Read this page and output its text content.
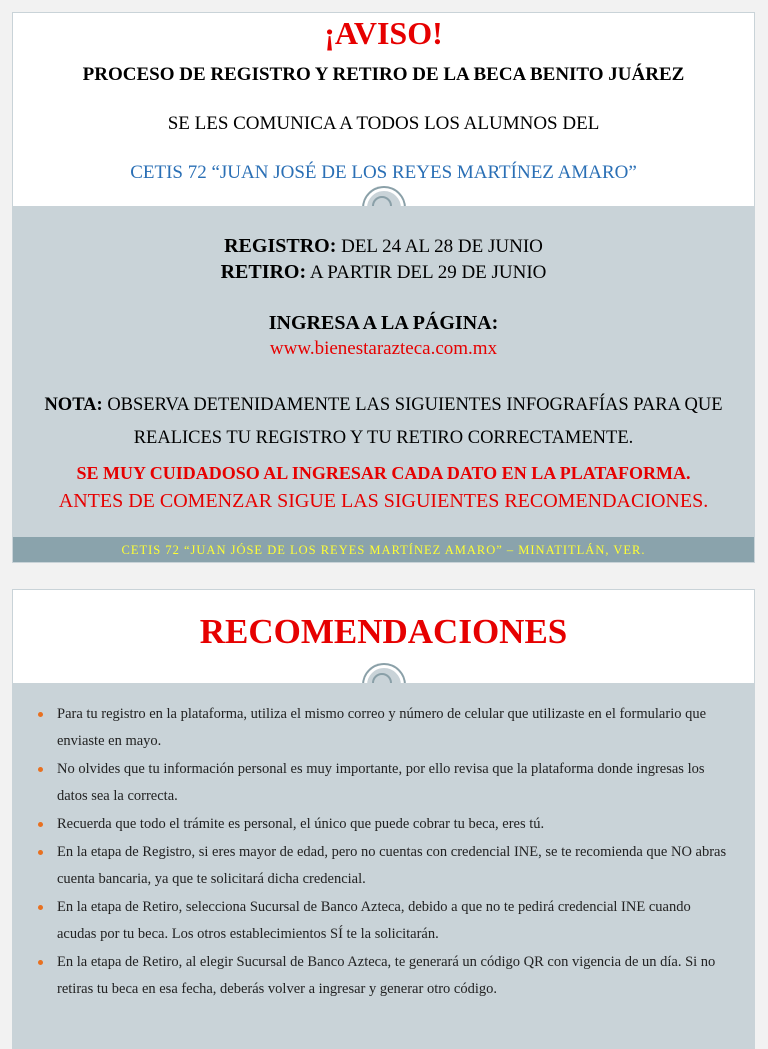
¡AVISO!
PROCESO DE REGISTRO Y RETIRO DE LA BECA BENITO JUÁREZ
SE LES COMUNICA A TODOS LOS ALUMNOS DEL
CETIS 72 “JUAN JOSÉ DE LOS REYES MARTÍNEZ AMARO”
REGISTRO: DEL 24 AL 28 DE JUNIO
RETIRO: A PARTIR DEL 29 DE JUNIO
INGRESA A LA PÁGINA:
www.bienestarazteca.com.mx
NOTA: OBSERVA DETENIDAMENTE LAS SIGUIENTES INFOGRAFÍAS PARA QUE
REALICES TU REGISTRO Y TU RETIRO CORRECTAMENTE.
SE MUY CUIDADOSO AL INGRESAR CADA DATO EN LA PLATAFORMA.
ANTES DE COMENZAR SIGUE LAS SIGUIENTES RECOMENDACIONES.
CETIS 72 “JUAN JÓSE DE LOS REYES MARTÍNEZ AMARO” – MINATITLÁN, VER.
RECOMENDACIONES
Para tu registro en la plataforma, utiliza el mismo correo y número de celular que utilizaste en el formulario que enviaste en mayo.
No olvides que tu información personal es muy importante, por ello revisa que la plataforma donde ingresas los datos sea la correcta.
Recuerda que todo el trámite es personal, el único que puede cobrar tu beca, eres tú.
En la etapa de Registro, si eres mayor de edad, pero no cuentas con credencial INE, se te recomienda que NO abras cuenta bancaria, ya que te solicitará dicha credencial.
En la etapa de Retiro, selecciona Sucursal de Banco Azteca, debido a que no te pedirá credencial INE cuando acudas por tu beca. Los otros establecimientos SÍ te la solicitarán.
En la etapa de Retiro, al elegir Sucursal de Banco Azteca, te generará un código QR con vigencia de un día. Si no retiras tu beca en esa fecha, deberás volver a ingresar y generar otro código.
